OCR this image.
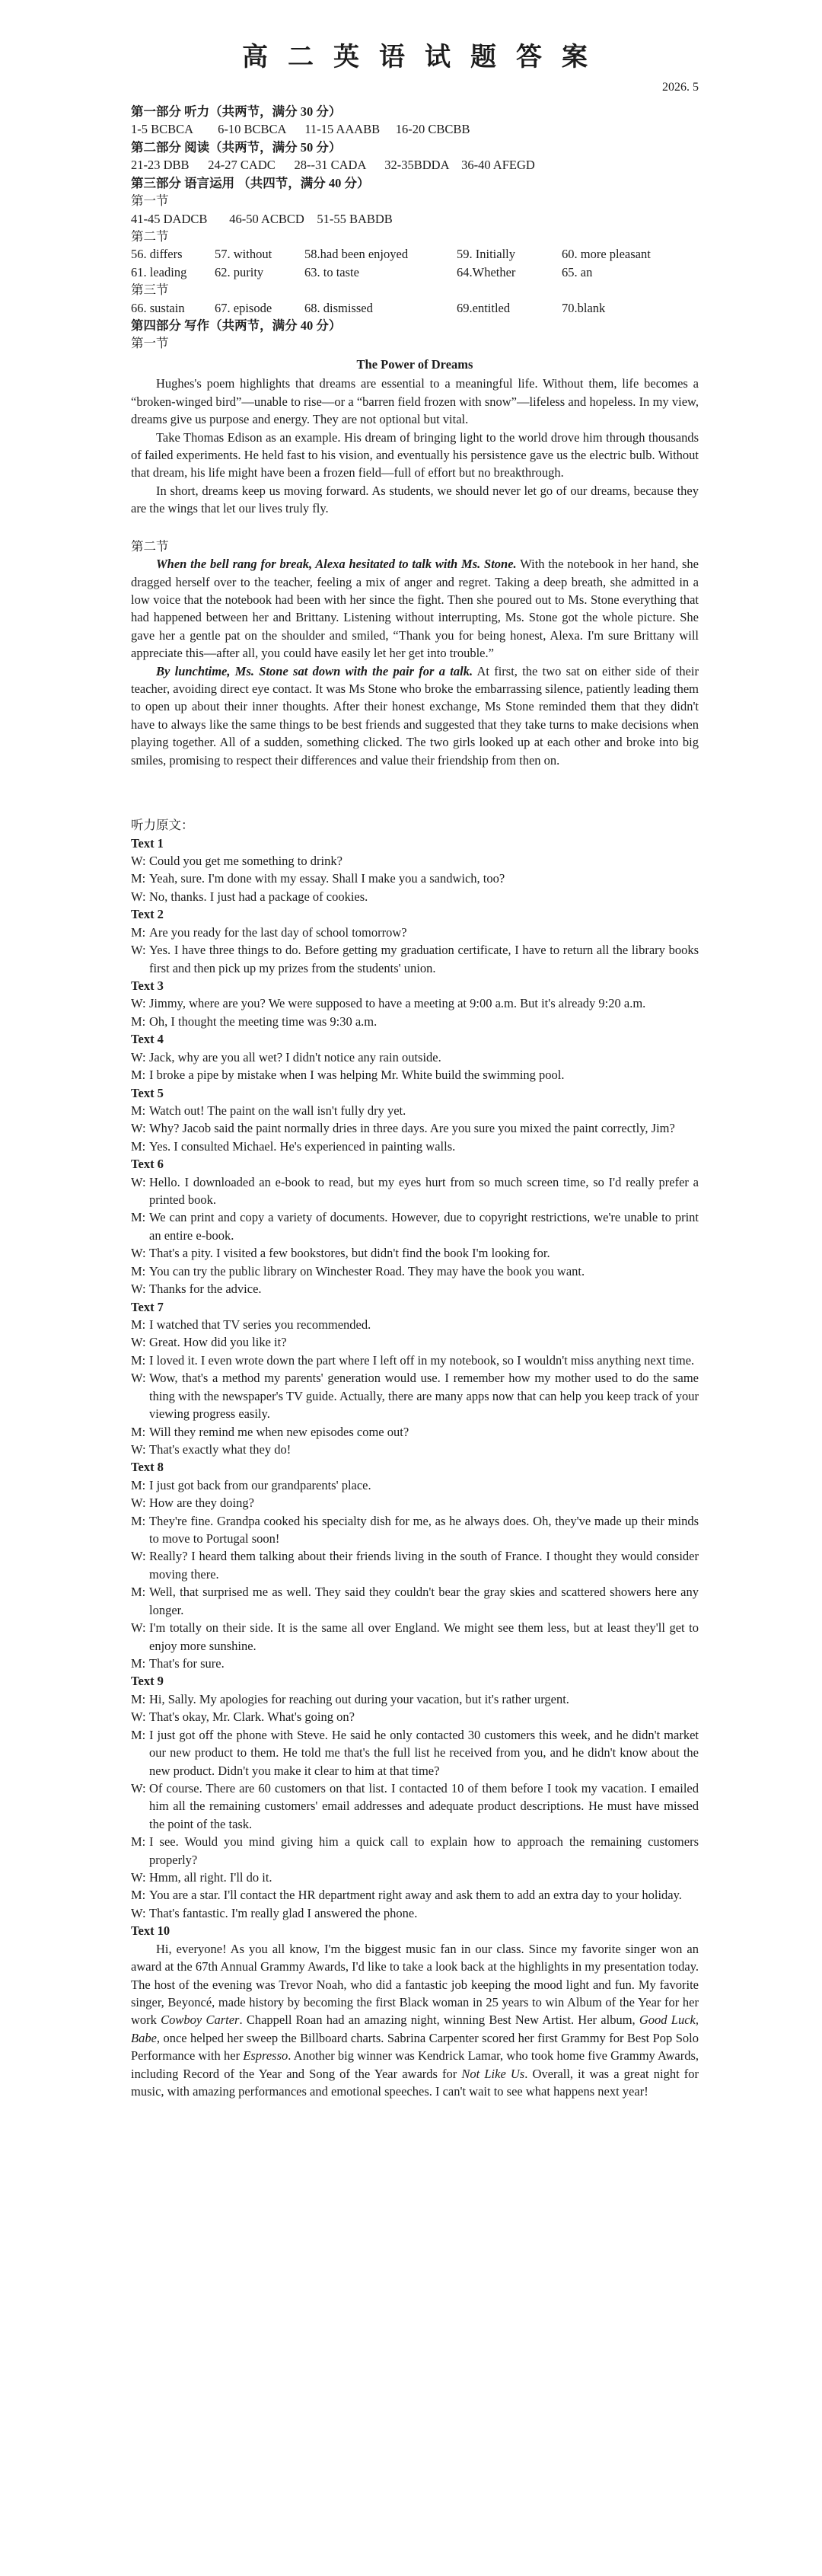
高二英语试题答案
2026. 5
第一部分 听力（共两节，满分 30 分）
1-5 BCBCA 6-10 BCBCA 11-15 AAABB 16-20 CBCBB
第二部分 阅读（共两节，满分 50 分）
21-23 DBB 24-27 CADC 28--31 CADA 32-35BDDA 36-40 AFEGD
第三部分 语言运用 （共四节，满分 40 分）
第一节
41-45 DADCB 46-50 ACBCD 51-55 BABDB
第二节
56. differs	57. without	58.had been enjoyed	59. Initially	60. more pleasant
61. leading	62. purity	63. to taste	64.Whether	65. an
第三节
66. sustain	67. episode	68. dismissed	69.entitled	70.blank
第四部分 写作（共两节，满分 40 分）
第一节
The Power of Dreams

Hughes's poem highlights that dreams are essential to a meaningful life. Without them, life becomes a “broken-winged bird”—unable to rise—or a “barren field frozen with snow”—lifeless and hopeless. In my view, dreams give us purpose and energy. They are not optional but vital.

Take Thomas Edison as an example. His dream of bringing light to the world drove him through thousands of failed experiments. He held fast to his vision, and eventually his persistence gave us the electric bulb. Without that dream, his life might have been a frozen field—full of effort but no breakthrough.

In short, dreams keep us moving forward. As students, we should never let go of our dreams, because they are the wings that let our lives truly fly.

第二节

When the bell rang for break, Alexa hesitated to talk with Ms. Stone. With the notebook in her hand, she dragged herself over to the teacher, feeling a mix of anger and regret. Taking a deep breath, she admitted in a low voice that the notebook had been with her since the fight. Then she poured out to Ms. Stone everything that had happened between her and Brittany. Listening without interrupting, Ms. Stone got the whole picture. She gave her a gentle pat on the shoulder and smiled, “Thank you for being honest, Alexa. I'm sure Brittany will appreciate this—after all, you could have easily let her get into trouble.”

By lunchtime, Ms. Stone sat down with the pair for a talk. At first, the two sat on either side of their teacher, avoiding direct eye contact. It was Ms Stone who broke the embarrassing silence, patiently leading them to open up about their inner thoughts. After their honest exchange, Ms Stone reminded them that they didn't have to always like the same things to be best friends and suggested that they take turns to make decisions when playing together. All of a sudden, something clicked. The two girls looked up at each other and broke into big smiles, promising to respect their differences and value their friendship from then on.

听力原文：
Text 1
W: Could you get me something to drink?
M: Yeah, sure. I'm done with my essay. Shall I make you a sandwich, too?
W: No, thanks. I just had a package of cookies.
Text 2
M: Are you ready for the last day of school tomorrow?
W: Yes. I have three things to do. Before getting my graduation certificate, I have to return all the library books first and then pick up my prizes from the students' union.
Text 3
W: Jimmy, where are you? We were supposed to have a meeting at 9:00 a.m. But it's already 9:20 a.m.
M: Oh, I thought the meeting time was 9:30 a.m.
Text 4
W: Jack, why are you all wet? I didn't notice any rain outside.
M: I broke a pipe by mistake when I was helping Mr. White build the swimming pool.
Text 5
M: Watch out! The paint on the wall isn't fully dry yet.
W: Why? Jacob said the paint normally dries in three days. Are you sure you mixed the paint correctly, Jim?
M: Yes. I consulted Michael. He's experienced in painting walls.
Text 6
W: Hello. I downloaded an e-book to read, but my eyes hurt from so much screen time, so I'd really prefer a printed book.
M: We can print and copy a variety of documents. However, due to copyright restrictions, we're unable to print an entire e-book.
W: That's a pity. I visited a few bookstores, but didn't find the book I'm looking for.
M: You can try the public library on Winchester Road. They may have the book you want.
W: Thanks for the advice.
Text 7
M: I watched that TV series you recommended.
W: Great. How did you like it?
M: I loved it. I even wrote down the part where I left off in my notebook, so I wouldn't miss anything next time.
W: Wow, that's a method my parents' generation would use. I remember how my mother used to do the same thing with the newspaper's TV guide. Actually, there are many apps now that can help you keep track of your viewing progress easily.
M: Will they remind me when new episodes come out?
W: That's exactly what they do!
Text 8
M: I just got back from our grandparents' place.
W: How are they doing?
M: They're fine. Grandpa cooked his specialty dish for me, as he always does. Oh, they've made up their minds to move to Portugal soon!
W: Really? I heard them talking about their friends living in the south of France. I thought they would consider moving there.
M: Well, that surprised me as well. They said they couldn't bear the gray skies and scattered showers here any longer.
W: I'm totally on their side. It is the same all over England. We might see them less, but at least they'll get to enjoy more sunshine.
M: That's for sure.
Text 9
M: Hi, Sally. My apologies for reaching out during your vacation, but it's rather urgent.
W: That's okay, Mr. Clark. What's going on?
M: I just got off the phone with Steve. He said he only contacted 30 customers this week, and he didn't market our new product to them. He told me that's the full list he received from you, and he didn't know about the new product. Didn't you make it clear to him at that time?
W: Of course. There are 60 customers on that list. I contacted 10 of them before I took my vacation. I emailed him all the remaining customers' email addresses and adequate product descriptions. He must have missed the point of the task.
M: I see. Would you mind giving him a quick call to explain how to approach the remaining customers properly?
W: Hmm, all right. I'll do it.
M: You are a star. I'll contact the HR department right away and ask them to add an extra day to your holiday.
W: That's fantastic. I'm really glad I answered the phone.
Text 10

Hi, everyone! As you all know, I'm the biggest music fan in our class. Since my favorite singer won an award at the 67th Annual Grammy Awards, I'd like to take a look back at the highlights in my presentation today. The host of the evening was Trevor Noah, who did a fantastic job keeping the mood light and fun. My favorite singer, Beyoncé, made history by becoming the first Black woman in 25 years to win Album of the Year for her work Cowboy Carter. Chappell Roan had an amazing night, winning Best New Artist. Her album, Good Luck, Babe, once helped her sweep the Billboard charts. Sabrina Carpenter scored her first Grammy for Best Pop Solo Performance with her Espresso. Another big winner was Kendrick Lamar, who took home five Grammy Awards, including Record of the Year and Song of the Year awards for Not Like Us. Overall, it was a great night for music, with amazing performances and emotional speeches. I can't wait to see what happens next year!
